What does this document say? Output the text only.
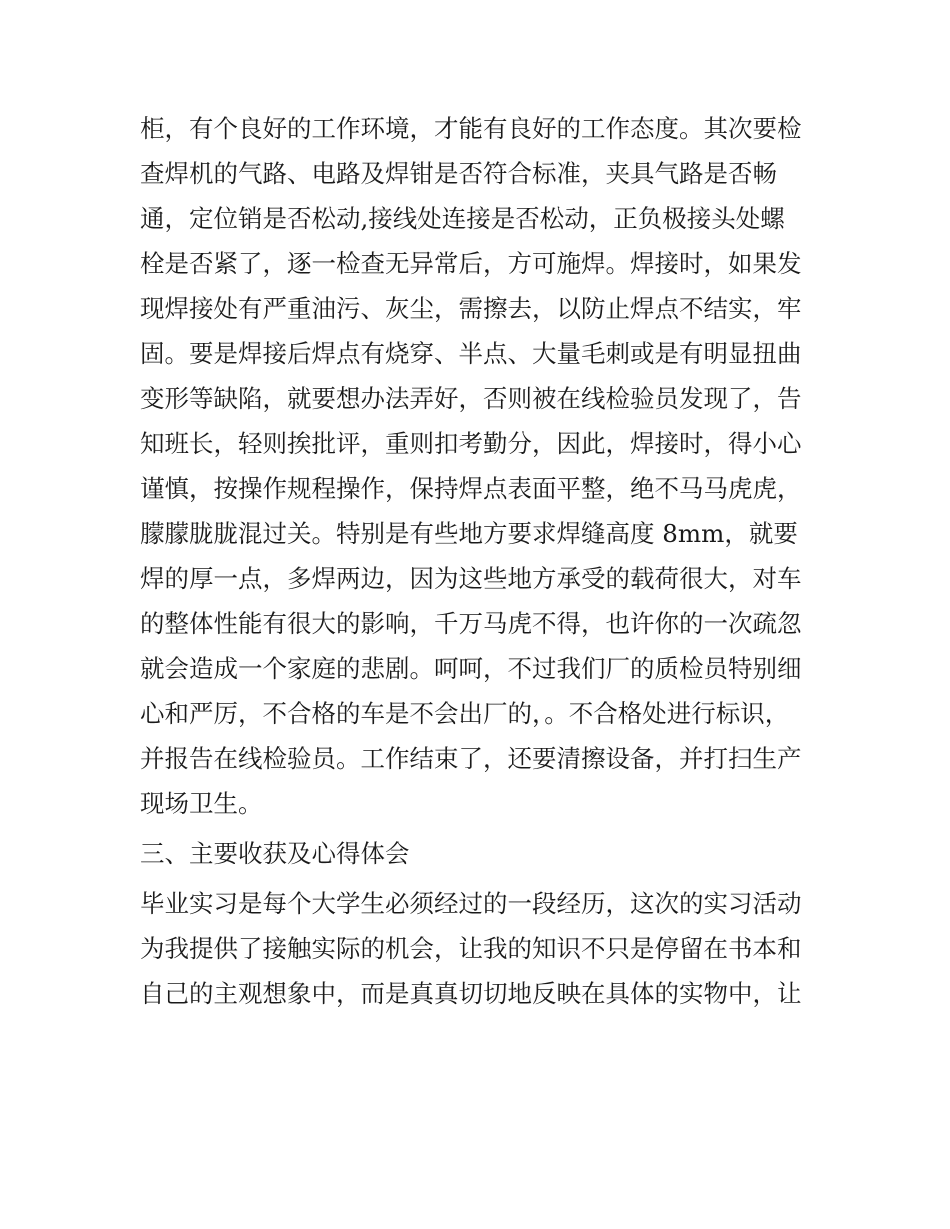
柜，有个良好的工作环境，才能有良好的工作态度。其次要检
查焊机的气路、电路及焊钳是否符合标准，夹具气路是否畅
通，定位销是否松动,接线处连接是否松动，正负极接头处螺
栓是否紧了，逐一检查无异常后，方可施焊。焊接时，如果发
现焊接处有严重油污、灰尘，需擦去，以防止焊点不结实，牢
固。要是焊接后焊点有烧穿、半点、大量毛刺或是有明显扭曲
变形等缺陷，就要想办法弄好，否则被在线检验员发现了，告
知班长，轻则挨批评，重则扣考勤分，因此，焊接时，得小心
谨慎，按操作规程操作，保持焊点表面平整，绝不马马虎虎，
朦朦胧胧混过关。特别是有些地方要求焊缝高度 8mm，就要
焊的厚一点，多焊两边，因为这些地方承受的载荷很大，对车
的整体性能有很大的影响，千万马虎不得，也许你的一次疏忽
就会造成一个家庭的悲剧。呵呵，不过我们厂的质检员特别细
心和严厉，不合格的车是不会出厂的，。不合格处进行标识，
并报告在线检验员。工作结束了，还要清擦设备，并打扫生产
现场卫生。
三、主要收获及心得体会
毕业实习是每个大学生必须经过的一段经历，这次的实习活动
为我提供了接触实际的机会，让我的知识不只是停留在书本和
自己的主观想象中，而是真真切切地反映在具体的实物中，让
